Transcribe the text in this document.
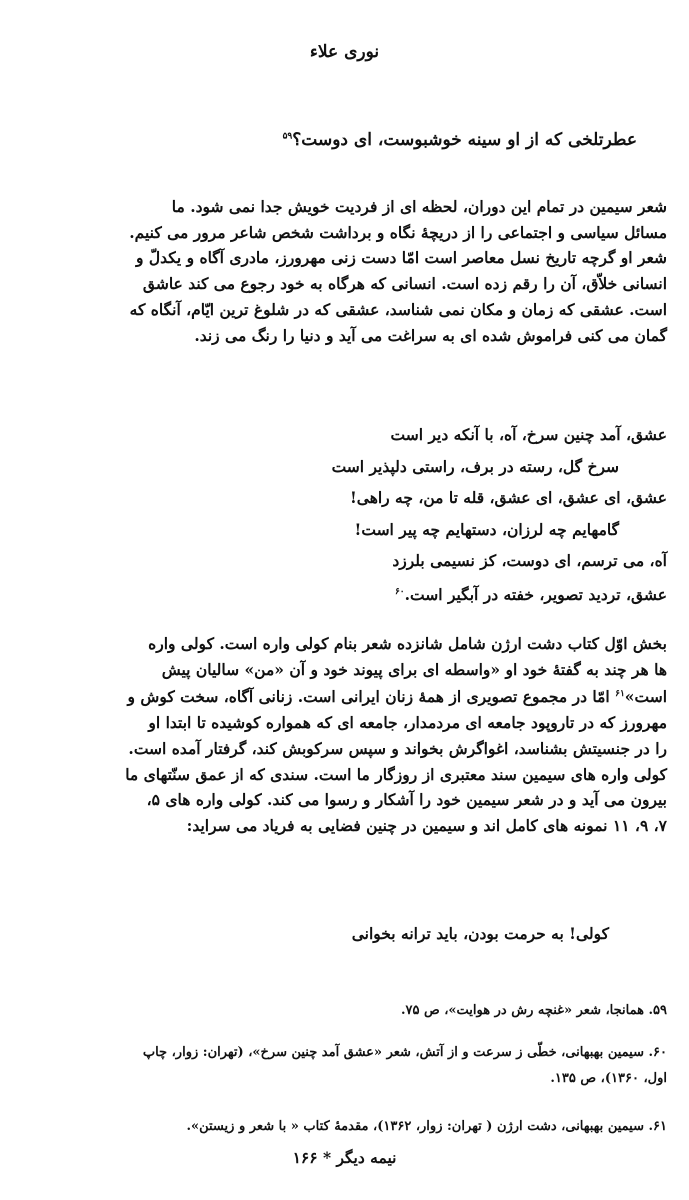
نوری علاء
عطرتلخی که از او سینه خوشبوست، ای دوست؟$^{۵۹}$
شعر سیمین در تمام این دوران، لحظه ای از فردیت خویش جدا نمی شود. ما
مسائل سیاسی و اجتماعی را از دریچهٔ نگاه و برداشت شخص شاعر مرور می کنیم.
شعر او گرچه تاریخ نسل معاصر است امّا دست زنی مهرورز، مادری آگاه و یکدلّ و
انسانی خلاّق، آن را رقم زده است. انسانی که هرگاه به خود رجوع می کند عاشق
است. عشقی که زمان و مکان نمی شناسد، عشقی که در شلوغ ترین ایّام، آنگاه که
گمان می کنی فراموش شده ای به سراغت می آید و دنیا را رنگ می زند.
عشق، آمد چنین سرخ، آه، با آنکه دیر است
سرخ گل، رسته در برف، راستی دلپذیر است
عشق، ای عشق، ای عشق، قله تا من، چه راهی!
گامهایم چه لرزان، دستهایم چه پیر است!
آه، می ترسم، ای دوست، کز نسیمی بلرزد
عشق، تردید تصویر، خفته در آبگیر است.$^{۶۰}$
بخش اوّل کتاب دشت ارژن شامل شانزده شعر بنام کولی واره است. کولی واره
ها هر چند به گفتهٔ خود او «واسطه ای برای پیوند خود و آن «من» سالیان پیش
است»$^{۶۱}$ امّا در مجموع تصویری از همهٔ زنان ایرانی است. زنانی آگاه، سخت کوش و
مهرورز که در تاروپود جامعه ای مردمدار، جامعه ای که همواره کوشیده تا ابتدا او
را در جنسیتش بشناسد، اغواگرش بخواند و سپس سرکوبش کند، گرفتار آمده است.
کولی واره های سیمین سند معتبری از روزگار ما است. سندی که از عمق سنّتهای ما
بیرون می آید و در شعر سیمین خود را آشکار و رسوا می کند. کولی واره های ۵،
۷، ۹، ۱۱ نمونه های کامل اند و سیمین در چنین فضایی به فریاد می سراید:
کولی! به حرمت بودن، باید ترانه بخوانی
۵۹. همانجا، شعر «غنچه رش در هوایت»، ص ۷۵.
۶۰. سیمین بهبهانی، خطّی ز سرعت و از آتش، شعر «عشق آمد چنین سرخ»، (تهران: زوار، چاپ
اول، ۱۳۶۰)، ص ۱۳۵.
۶۱. سیمین بهبهانی، دشت ارژن ( تهران: زوار، ۱۳۶۲)، مقدمهٔ کتاب « با شعر و زیستن».
نیمه دیگر * ۱۶۶
